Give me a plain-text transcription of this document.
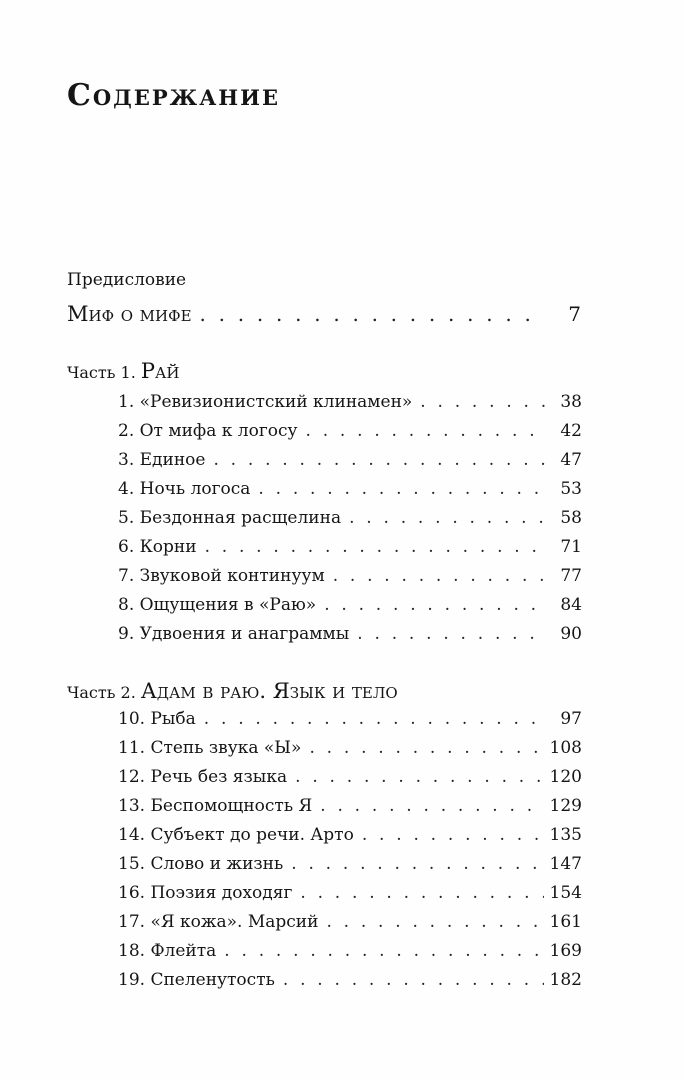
Содержание
Предисловие
Миф о мифе . . .	7
Часть 1. Рай
1. «Ревизионистский клинамен» . . .	38
2. От мифа к логосу . . .	42
3. Единое . . .	47
4. Ночь логоса . . .	53
5. Бездонная расщелина . . .	58
6. Корни . . .	71
7. Звуковой континуум . . .	77
8. Ощущения в «Раю» . . .	84
9. Удвоения и анаграммы . . .	90
Часть 2. Адам в раю. Язык и тело
10. Рыба . . .	97
11. Степь звука «Ы» . . .	108
12. Речь без языка . . .	120
13. Беспомощность Я . . .	129
14. Субъект до речи. Арто . . .	135
15. Слово и жизнь . . .	147
16. Поэзия доходяг . . .	154
17. «Я кожа». Марсий . . .	161
18. Флейта . . .	169
19. Спеленутость . . .	182
